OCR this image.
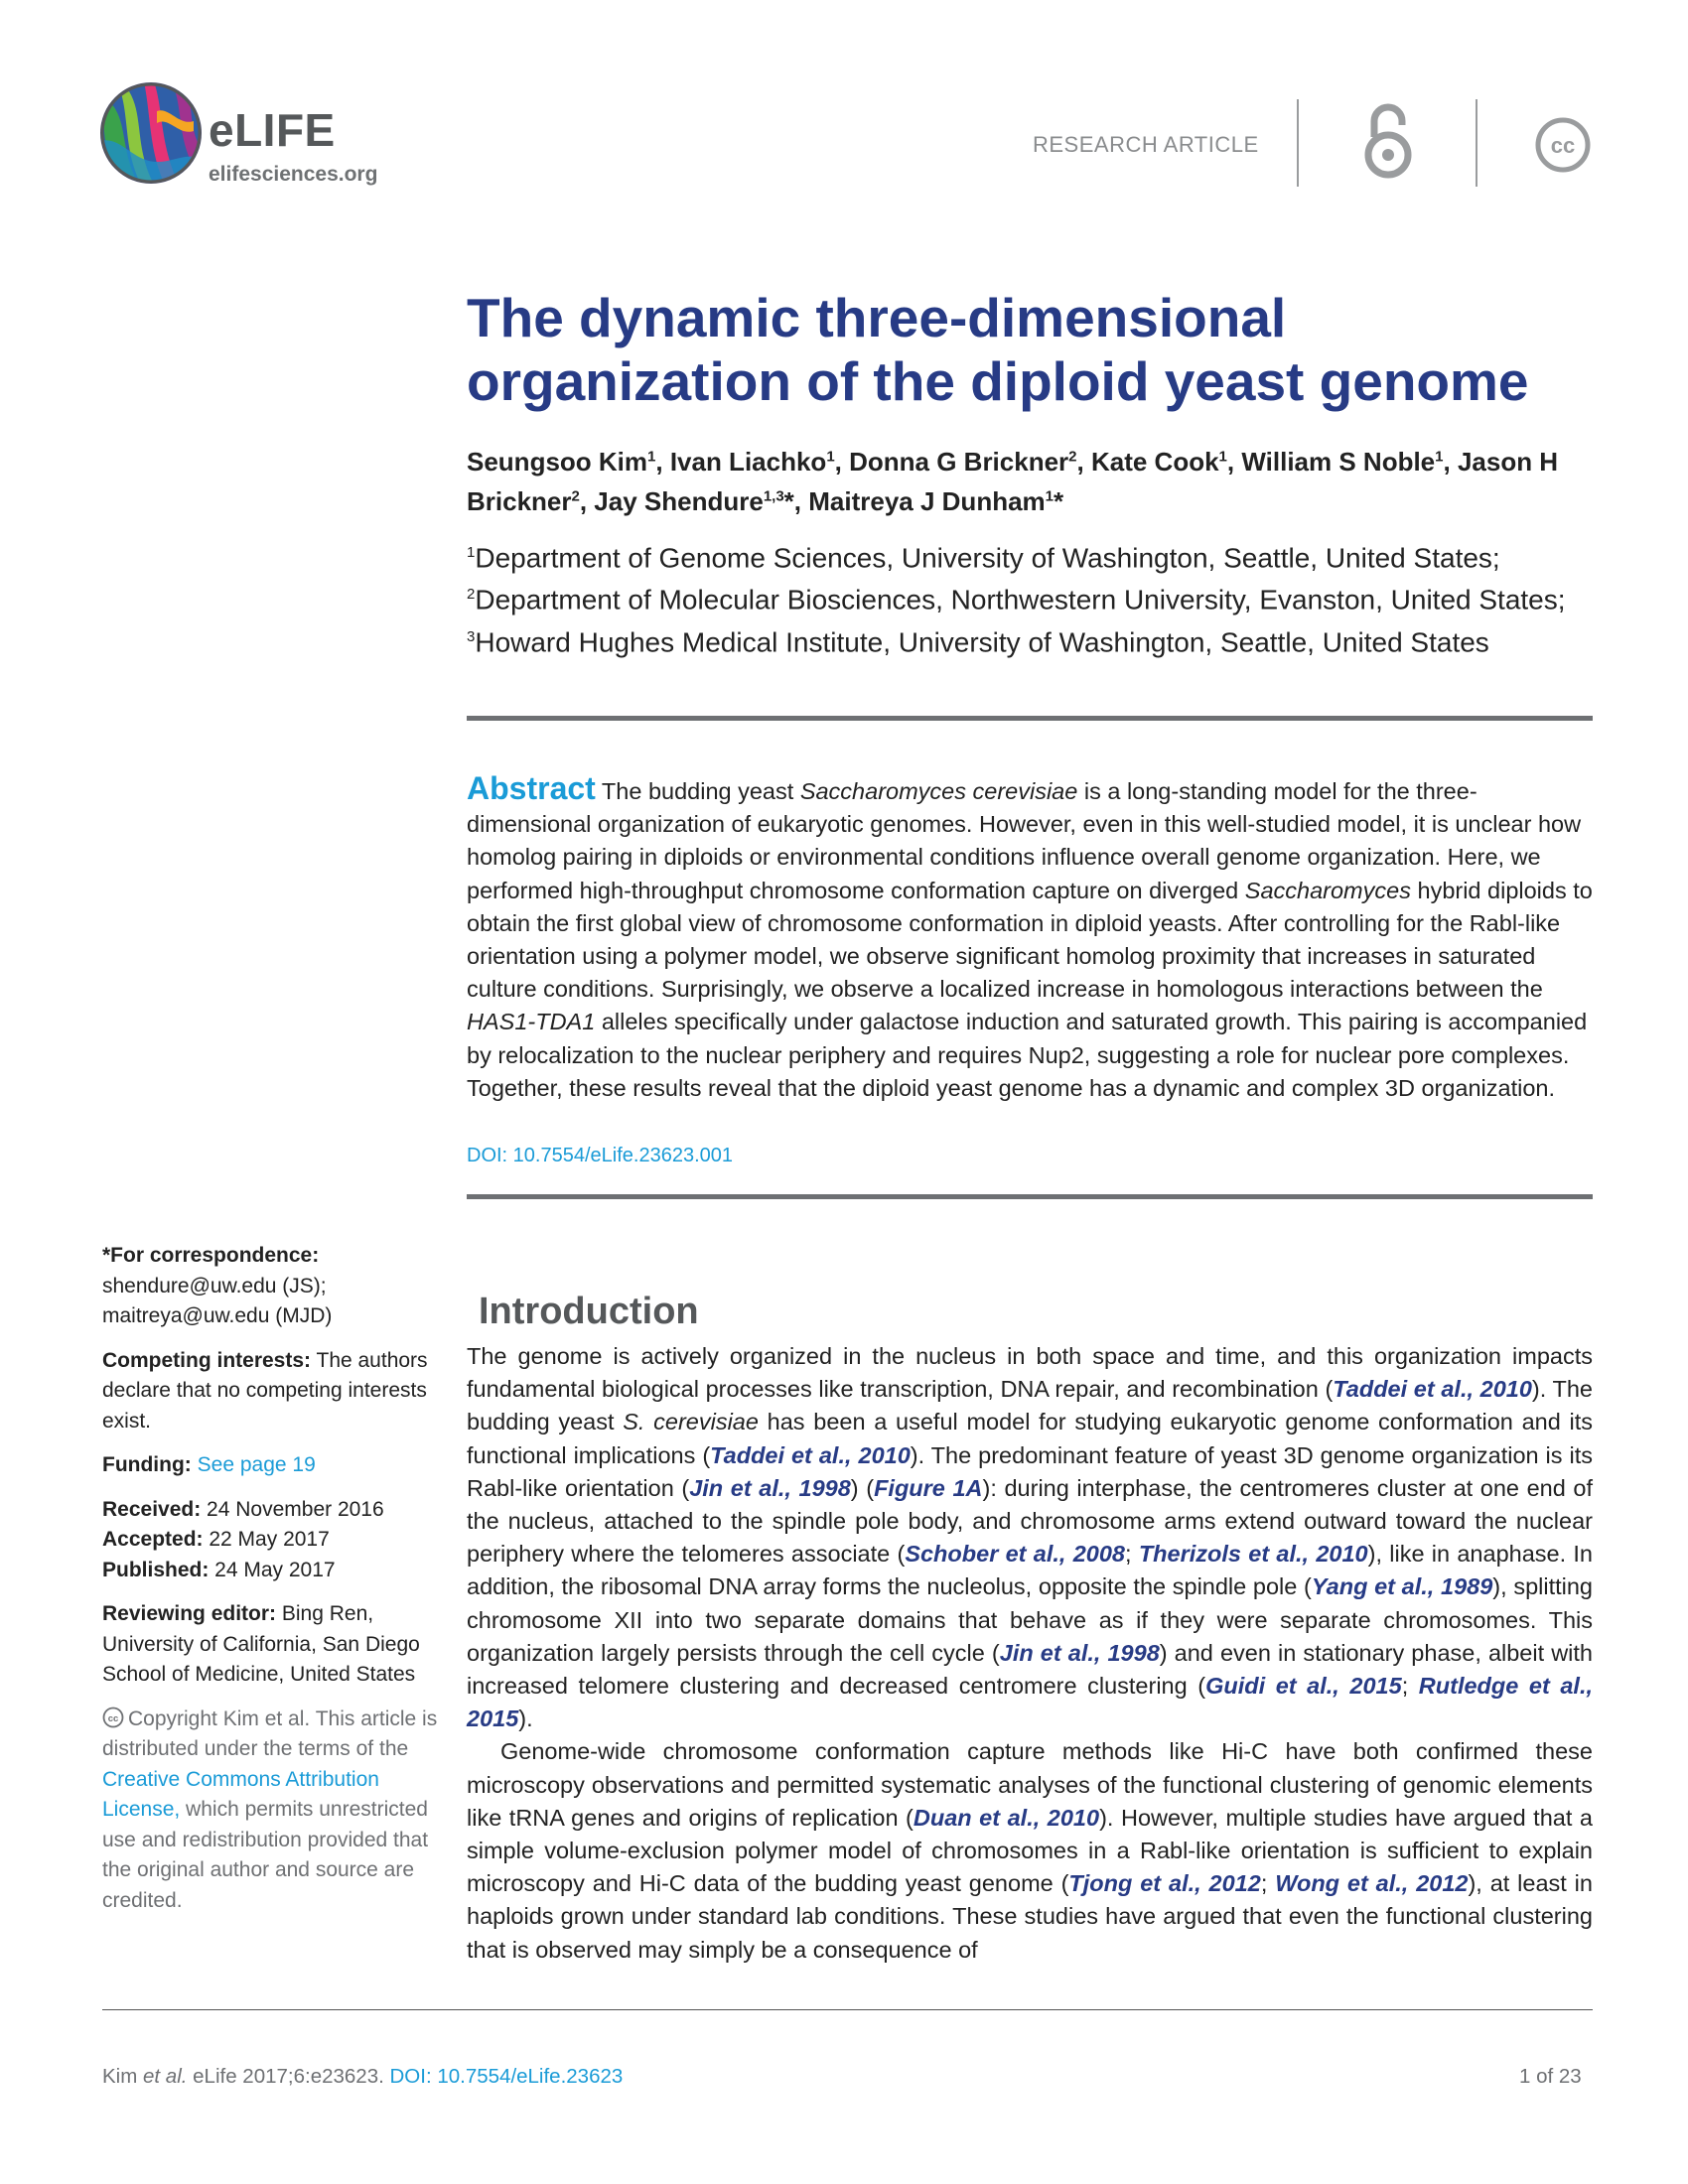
eLIFE
elifesciences.org
RESEARCH ARTICLE	cc
The dynamic three-dimensional organization of the diploid yeast genome
Seungsoo Kim$^1$, Ivan Liachko$^1$, Donna G Brickner$^2$, Kate Cook$^1$, William S Noble$^1$, Jason H Brickner$^2$, Jay Shendure$^{1,3}$*, Maitreya J Dunham$^1$*
$^1$Department of Genome Sciences, University of Washington, Seattle, United States; $^2$Department of Molecular Biosciences, Northwestern University, Evanston, United States; $^3$Howard Hughes Medical Institute, University of Washington, Seattle, United States
Abstract The budding yeast Saccharomyces cerevisiae is a long-standing model for the three-dimensional organization of eukaryotic genomes. However, even in this well-studied model, it is unclear how homolog pairing in diploids or environmental conditions influence overall genome organization. Here, we performed high-throughput chromosome conformation capture on diverged Saccharomyces hybrid diploids to obtain the first global view of chromosome conformation in diploid yeasts. After controlling for the Rabl-like orientation using a polymer model, we observe significant homolog proximity that increases in saturated culture conditions. Surprisingly, we observe a localized increase in homologous interactions between the HAS1-TDA1 alleles specifically under galactose induction and saturated growth. This pairing is accompanied by relocalization to the nuclear periphery and requires Nup2, suggesting a role for nuclear pore complexes. Together, these results reveal that the diploid yeast genome has a dynamic and complex 3D organization.
DOI: 10.7554/eLife.23623.001

*For correspondence: shendure@uw.edu (JS); maitreya@uw.edu (MJD)

Competing interests: The authors declare that no competing interests exist.

Funding: See page 19

Received: 24 November 2016
Accepted: 22 May 2017
Published: 24 May 2017

Reviewing editor: Bing Ren, University of California, San Diego School of Medicine, United States

cc Copyright Kim et al. This article is distributed under the terms of the Creative Commons Attribution License, which permits unrestricted use and redistribution provided that the original author and source are credited.

Introduction

The genome is actively organized in the nucleus in both space and time, and this organization impacts fundamental biological processes like transcription, DNA repair, and recombination (Taddei et al., 2010). The budding yeast S. cerevisiae has been a useful model for studying eukaryotic genome conformation and its functional implications (Taddei et al., 2010). The predominant feature of yeast 3D genome organization is its Rabl-like orientation (Jin et al., 1998) (Figure 1A): during interphase, the centromeres cluster at one end of the nucleus, attached to the spindle pole body, and chromosome arms extend outward toward the nuclear periphery where the telomeres associate (Schober et al., 2008; Therizols et al., 2010), like in anaphase. In addition, the ribosomal DNA array forms the nucleolus, opposite the spindle pole (Yang et al., 1989), splitting chromosome XII into two separate domains that behave as if they were separate chromosomes. This organization largely persists through the cell cycle (Jin et al., 1998) and even in stationary phase, albeit with increased telomere clustering and decreased centromere clustering (Guidi et al., 2015; Rutledge et al., 2015).

Genome-wide chromosome conformation capture methods like Hi-C have both confirmed these microscopy observations and permitted systematic analyses of the functional clustering of genomic elements like tRNA genes and origins of replication (Duan et al., 2010). However, multiple studies have argued that a simple volume-exclusion polymer model of chromosomes in a Rabl-like orientation is sufficient to explain microscopy and Hi-C data of the budding yeast genome (Tjong et al., 2012; Wong et al., 2012), at least in haploids grown under standard lab conditions. These studies have argued that even the functional clustering that is observed may simply be a consequence of

Kim et al. eLife 2017;6:e23623. DOI: 10.7554/eLife.23623	1 of 23
